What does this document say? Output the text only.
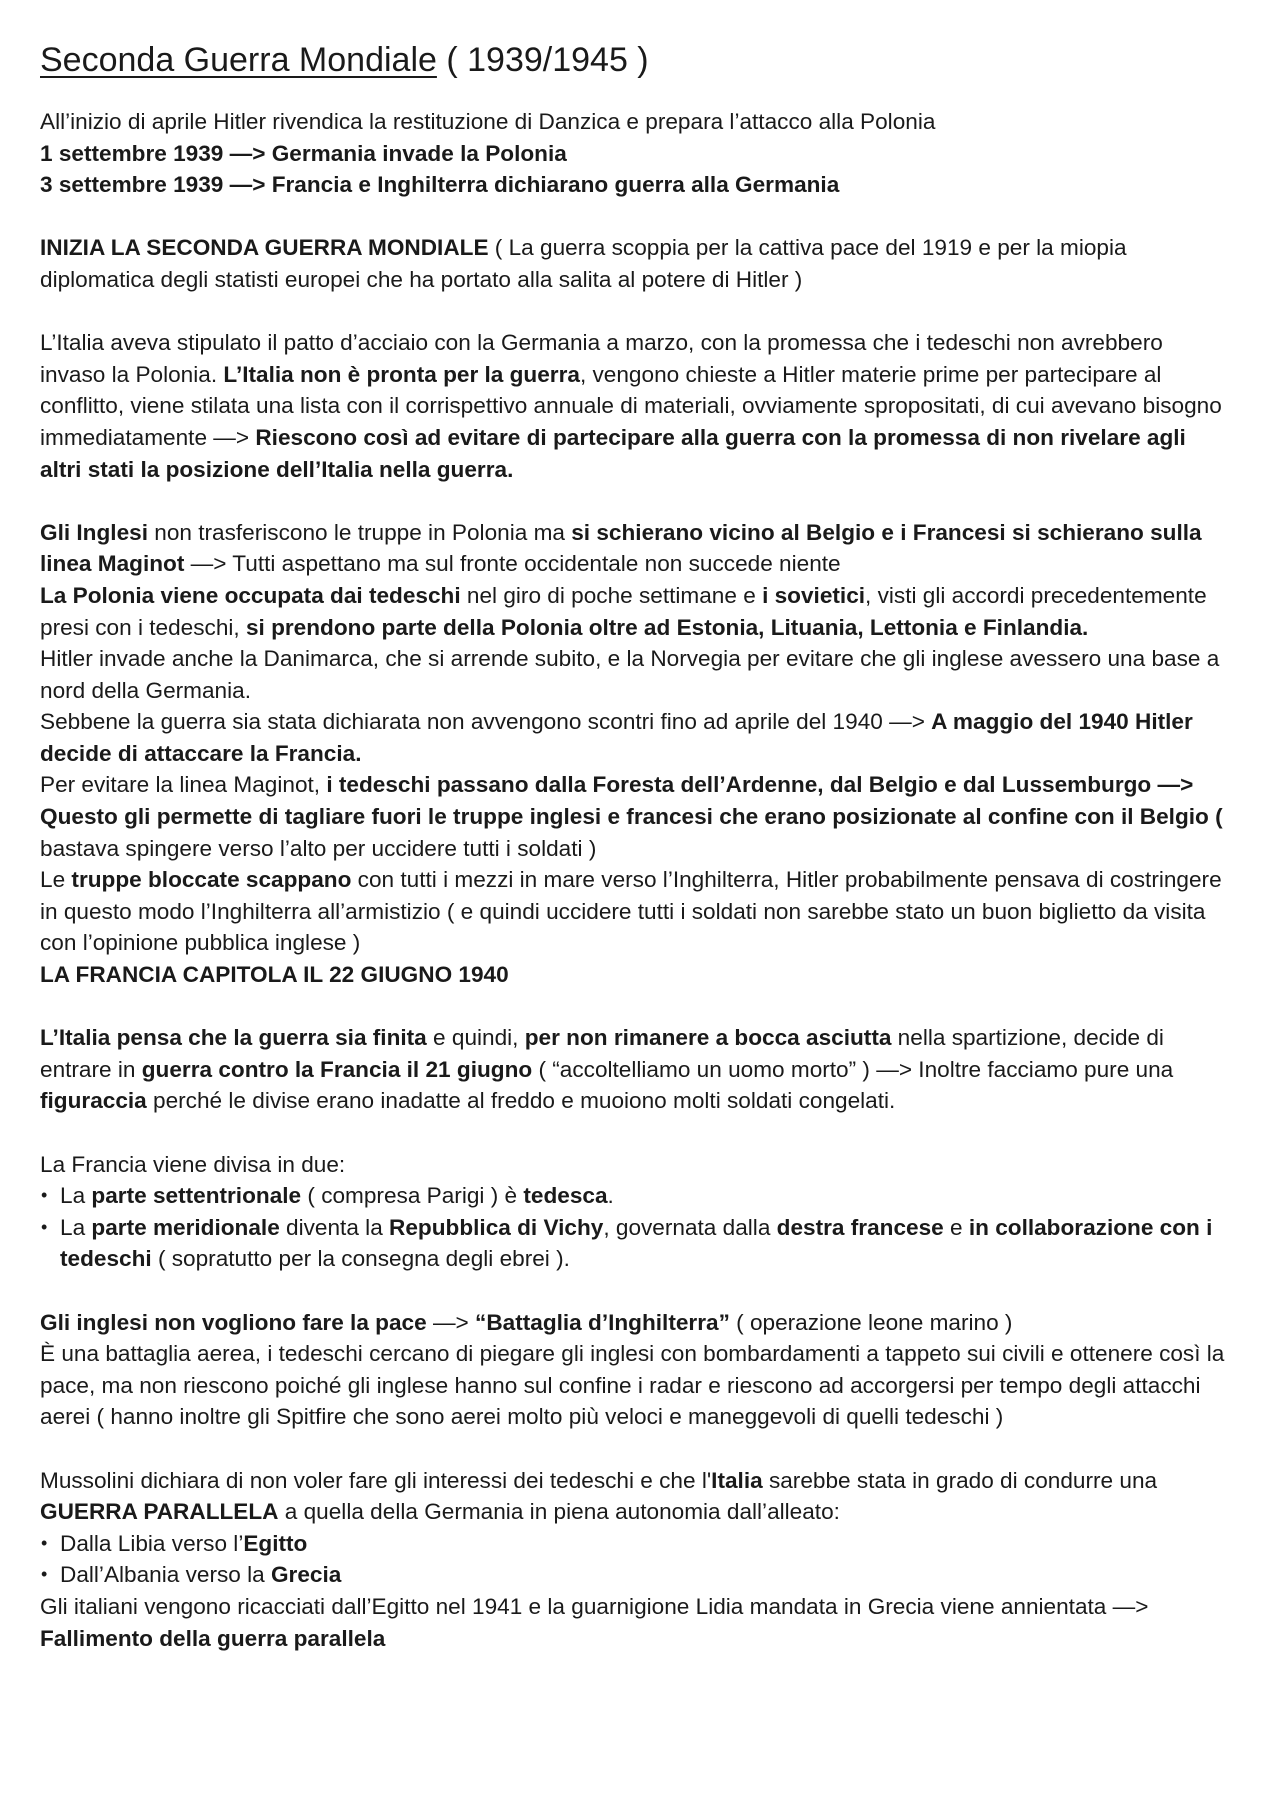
Seconda Guerra Mondiale ( 1939/1945 )

All’inizio di aprile Hitler rivendica la restituzione di Danzica e prepara l’attacco alla Polonia

1 settembre 1939 —> Germania invade la Polonia

3 settembre 1939 —> Francia e Inghilterra dichiarano guerra alla Germania

INIZIA LA SECONDA GUERRA MONDIALE ( La guerra scoppia per la cattiva pace del 1919 e per la miopia diplomatica degli statisti europei che ha portato alla salita al potere di Hitler )

L’Italia aveva stipulato il patto d’acciaio con la Germania a marzo, con la promessa che i tedeschi non avrebbero invaso la Polonia. L’Italia non è pronta per la guerra, vengono chieste a Hitler materie prime per partecipare al conflitto, viene stilata una lista con il corrispettivo annuale di materiali, ovviamente spropositati, di cui avevano bisogno immediatamente —> Riescono così ad evitare di partecipare alla guerra con la promessa di non rivelare agli altri stati la posizione dell’Italia nella guerra.

Gli Inglesi non trasferiscono le truppe in Polonia ma si schierano vicino al Belgio e i Francesi si schierano sulla linea Maginot —> Tutti aspettano ma sul fronte occidentale non succede niente

La Polonia viene occupata dai tedeschi nel giro di poche settimane e i sovietici, visti gli accordi precedentemente presi con i tedeschi, si prendono parte della Polonia oltre ad Estonia, Lituania, Lettonia e Finlandia.

Hitler invade anche la Danimarca, che si arrende subito, e la Norvegia per evitare che gli inglese avessero una base a nord della Germania.

Sebbene la guerra sia stata dichiarata non avvengono scontri fino ad aprile del 1940 —> A maggio del 1940 Hitler decide di attaccare la Francia.

Per evitare la linea Maginot, i tedeschi passano dalla Foresta dell’Ardenne, dal Belgio e dal Lussemburgo —> Questo gli permette di tagliare fuori le truppe inglesi e francesi che erano posizionate al confine con il Belgio ( bastava spingere verso l’alto per uccidere tutti i soldati )

Le truppe bloccate scappano con tutti i mezzi in mare verso l’Inghilterra, Hitler probabilmente pensava di costringere in questo modo l’Inghilterra all’armistizio ( e quindi uccidere tutti i soldati non sarebbe stato un buon biglietto da visita con l’opinione pubblica inglese )

LA FRANCIA CAPITOLA IL 22 GIUGNO 1940

L’Italia pensa che la guerra sia finita e quindi, per non rimanere a bocca asciutta nella spartizione, decide di entrare in guerra contro la Francia il 21 giugno ( “accoltelliamo un uomo morto” ) —> Inoltre facciamo pure una figuraccia perché le divise erano inadatte al freddo e muoiono molti soldati congelati.

La Francia viene divisa in due:

• La parte settentrionale ( compresa Parigi ) è tedesca.
• La parte meridionale diventa la Repubblica di Vichy, governata dalla destra francese e in collaborazione con i tedeschi ( sopratutto per la consegna degli ebrei ).

Gli inglesi non vogliono fare la pace —> “Battaglia d’Inghilterra” ( operazione leone marino )

È una battaglia aerea, i tedeschi cercano di piegare gli inglesi con bombardamenti a tappeto sui civili e ottenere così la pace, ma non riescono poiché gli inglese hanno sul confine i radar e riescono ad accorgersi per tempo degli attacchi aerei ( hanno inoltre gli Spitfire che sono aerei molto più veloci e maneggevoli di quelli tedeschi )

Mussolini dichiara di non voler fare gli interessi dei tedeschi e che l'Italia sarebbe stata in grado di condurre una GUERRA PARALLELA a quella della Germania in piena autonomia dall’alleato:

• Dalla Libia verso l’Egitto
• Dall’Albania verso la Grecia

Gli italiani vengono ricacciati dall’Egitto nel 1941 e la guarnigione Lidia mandata in Grecia viene annientata —> Fallimento della guerra parallela
